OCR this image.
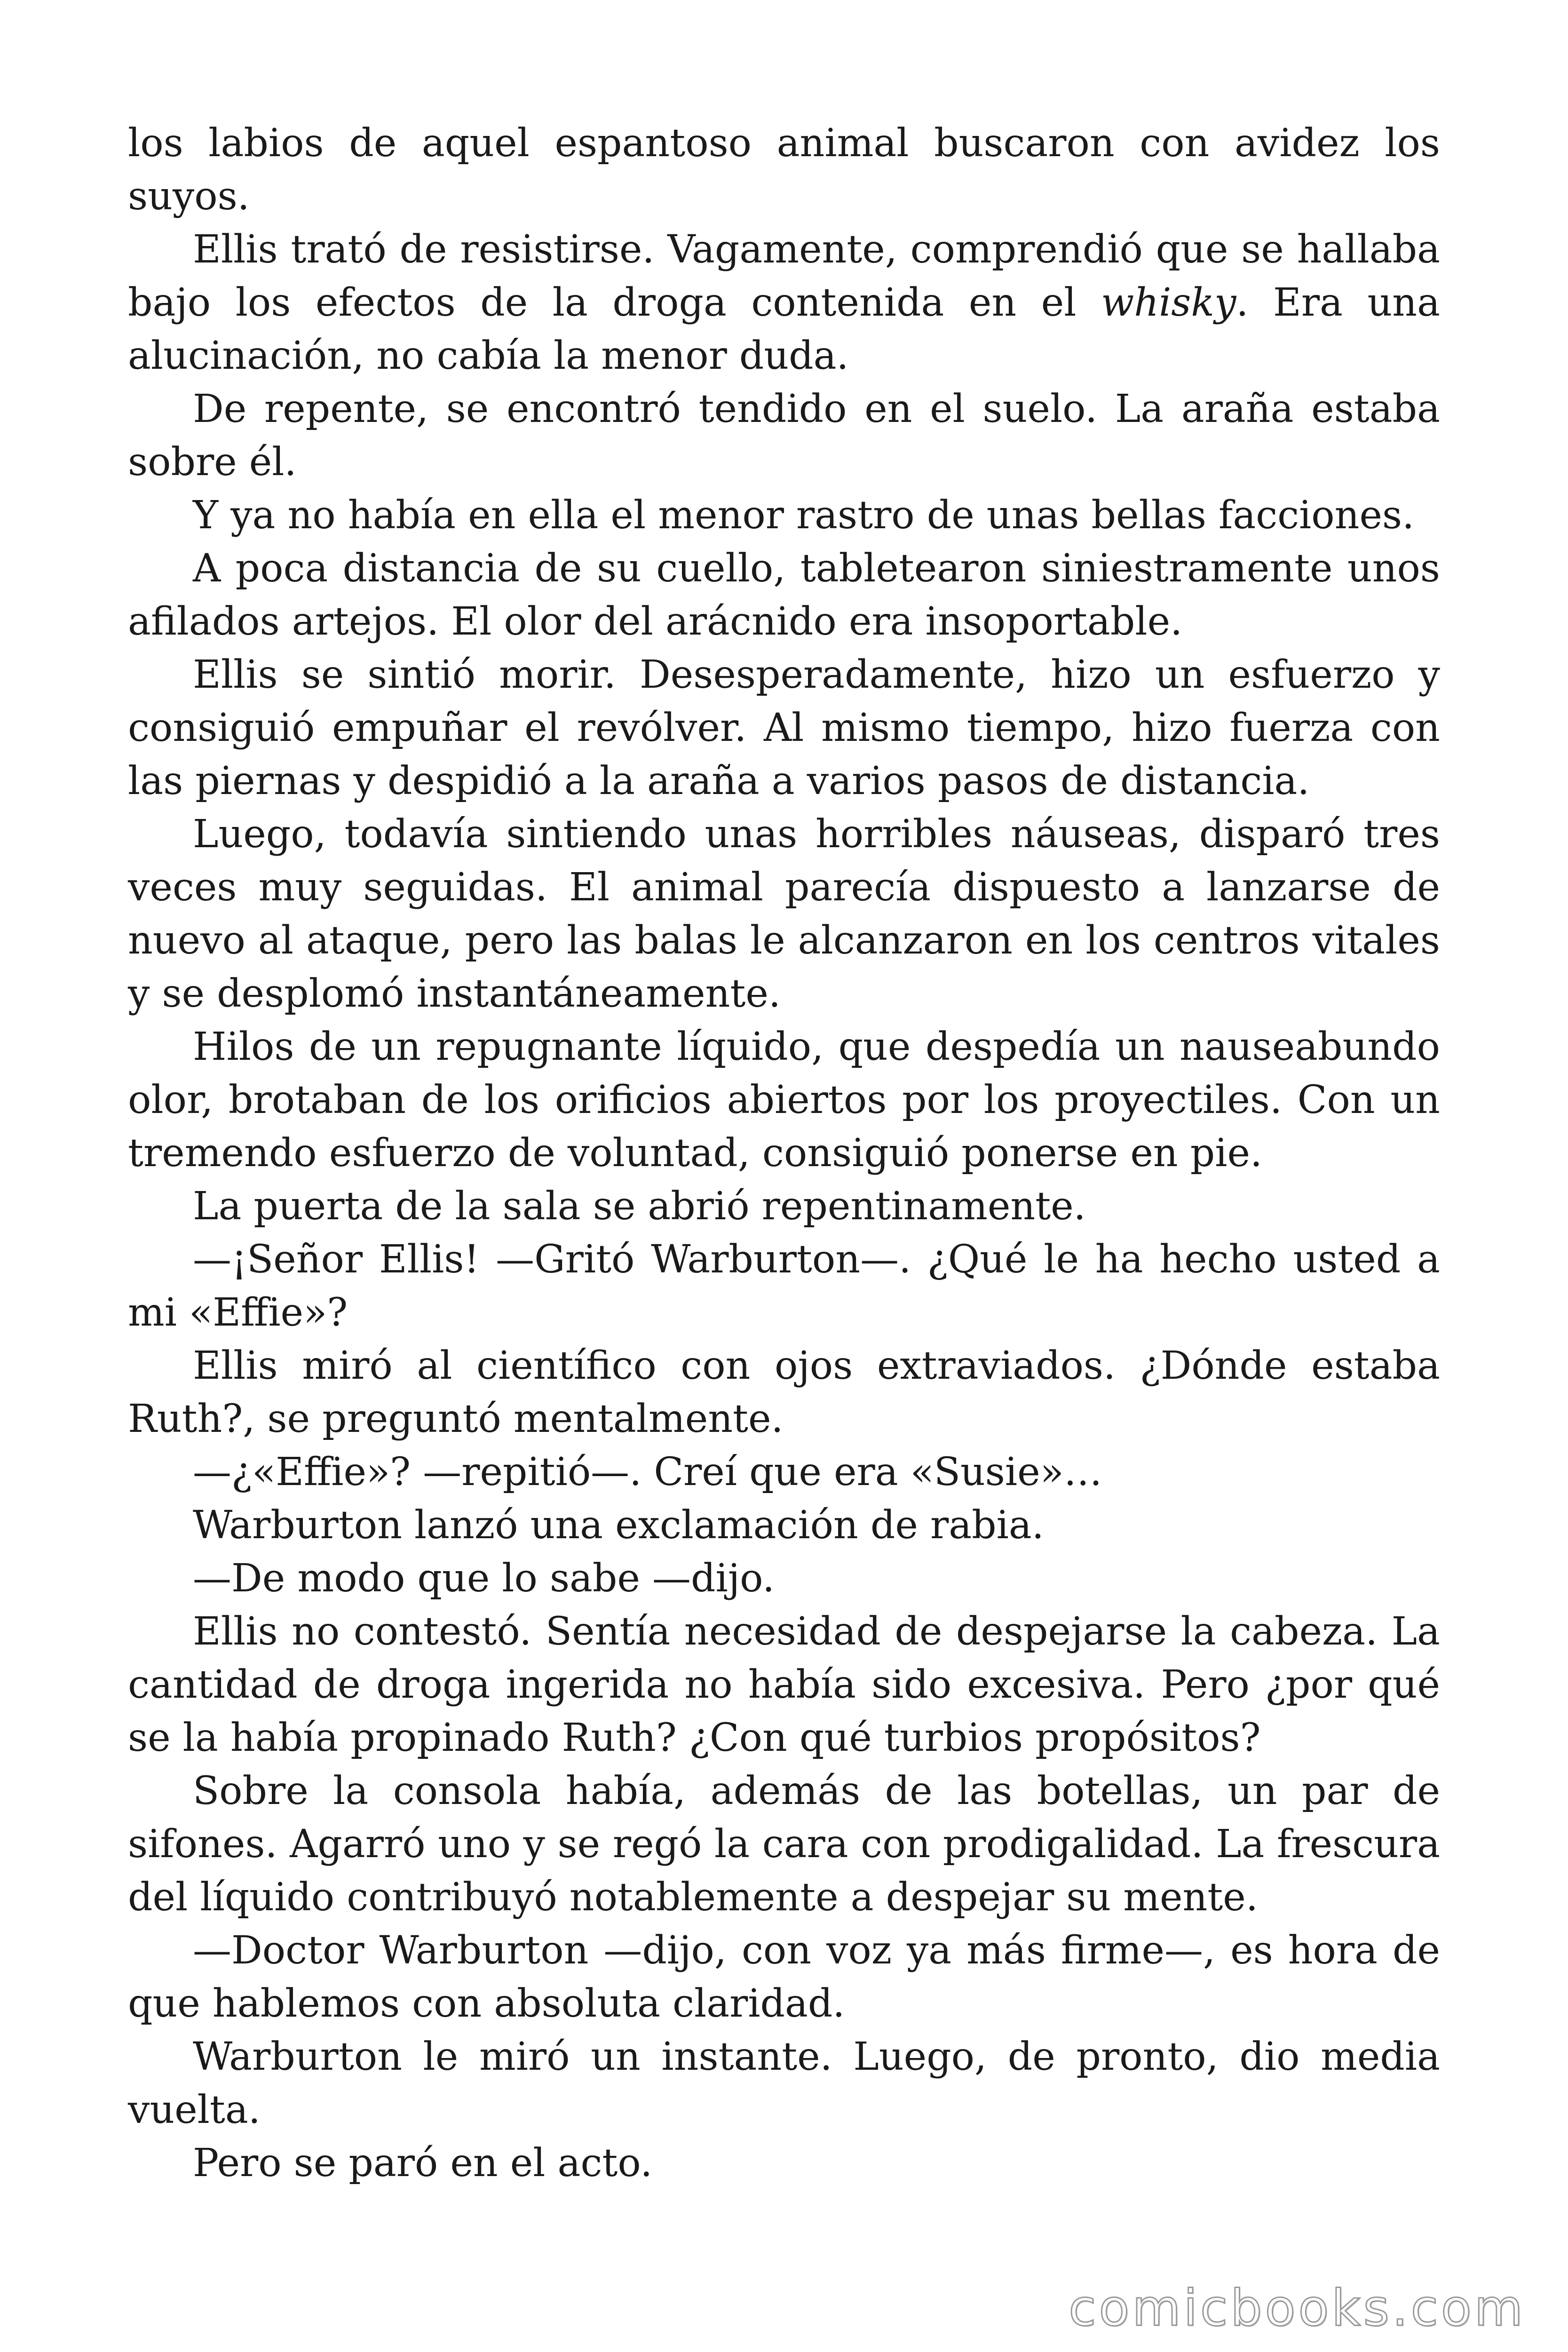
los labios de aquel espantoso animal buscaron con avidez los suyos.

Ellis trató de resistirse. Vagamente, comprendió que se hallaba bajo los efectos de la droga contenida en el whisky. Era una alucinación, no cabía la menor duda.

De repente, se encontró tendido en el suelo. La araña estaba sobre él.

Y ya no había en ella el menor rastro de unas bellas facciones.

A poca distancia de su cuello, tabletearon siniestramente unos afilados artejos. El olor del arácnido era insoportable.

Ellis se sintió morir. Desesperadamente, hizo un esfuerzo y consiguió empuñar el revólver. Al mismo tiempo, hizo fuerza con las piernas y despidió a la araña a varios pasos de distancia.

Luego, todavía sintiendo unas horribles náuseas, disparó tres veces muy seguidas. El animal parecía dispuesto a lanzarse de nuevo al ataque, pero las balas le alcanzaron en los centros vitales y se desplomó instantáneamente.

Hilos de un repugnante líquido, que despedía un nauseabundo olor, brotaban de los orificios abiertos por los proyectiles. Con un tremendo esfuerzo de voluntad, consiguió ponerse en pie.

La puerta de la sala se abrió repentinamente.

—¡Señor Ellis! —Gritó Warburton—. ¿Qué le ha hecho usted a mi «Effie»?

Ellis miró al científico con ojos extraviados. ¿Dónde estaba Ruth?, se preguntó mentalmente.

—¿«Effie»? —repitió—. Creí que era «Susie»…

Warburton lanzó una exclamación de rabia.

—De modo que lo sabe —dijo.

Ellis no contestó. Sentía necesidad de despejarse la cabeza. La cantidad de droga ingerida no había sido excesiva. Pero ¿por qué se la había propinado Ruth? ¿Con qué turbios propósitos?

Sobre la consola había, además de las botellas, un par de sifones. Agarró uno y se regó la cara con prodigalidad. La frescura del líquido contribuyó notablemente a despejar su mente.

—Doctor Warburton —dijo, con voz ya más firme—, es hora de que hablemos con absoluta claridad.

Warburton le miró un instante. Luego, de pronto, dio media vuelta.

Pero se paró en el acto.

comicbooks.com
